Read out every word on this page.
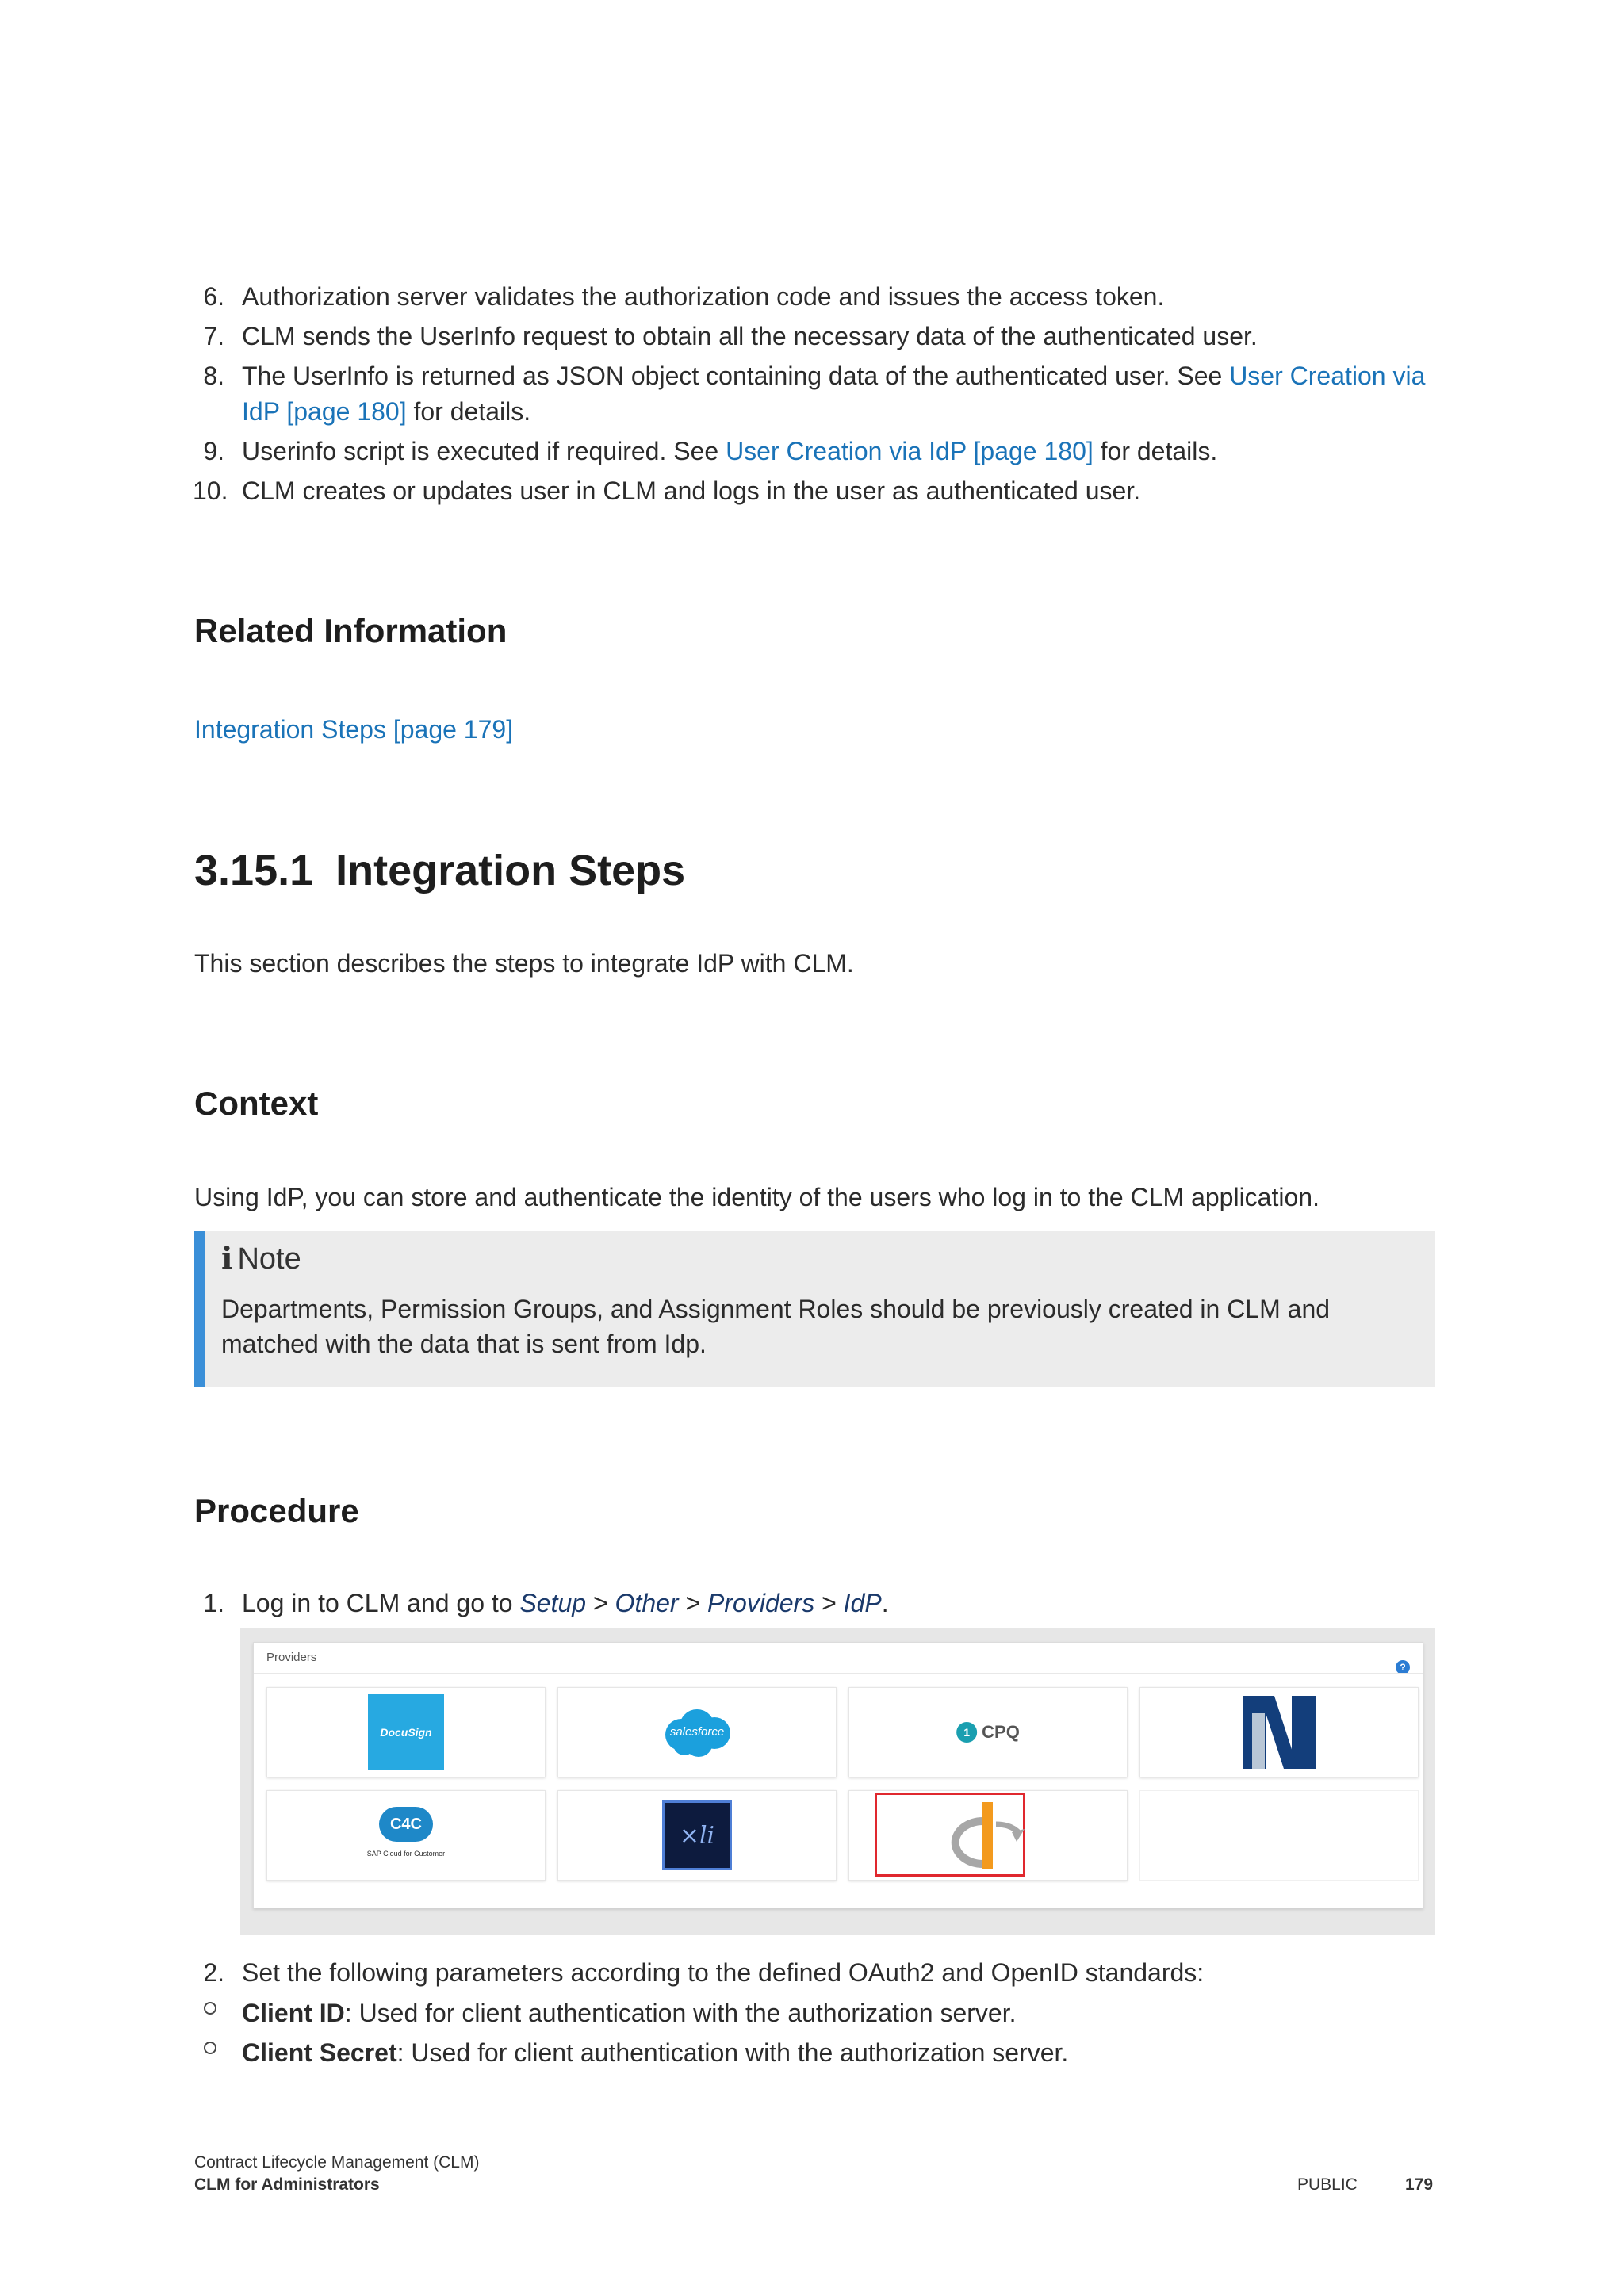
6. Authorization server validates the authorization code and issues the access token.

7. CLM sends the UserInfo request to obtain all the necessary data of the authenticated user.

8. The UserInfo is returned as JSON object containing data of the authenticated user. See User Creation via

IdP [page 180] for details.

9. Userinfo script is executed if required. See User Creation via IdP [page 180] for details.

10. CLM creates or updates user in CLM and logs in the user as authenticated user.

Related Information

Integration Steps [page 179]

3.15.1 Integration Steps

This section describes the steps to integrate IdP with CLM.

Context

Using IdP, you can store and authenticate the identity of the users who log in to the CLM application.

i Note
Departments, Permission Groups, and Assignment Roles should be previously created in CLM and
matched with the data that is sent from Idp.
Procedure
1. Log in to CLM and go to Setup > Other > Providers > IdP.

Providers
?
DocuSign	salesforce	1 CPQ
C4C
SAP Cloud for Customer
×li
2. Set the following parameters according to the defined OAuth2 and OpenID standards:

Client ID: Used for client authentication with the authorization server.

Client Secret: Used for client authentication with the authorization server.

Contract Lifecycle Management (CLM)
CLM for Administrators	PUBLIC	179
